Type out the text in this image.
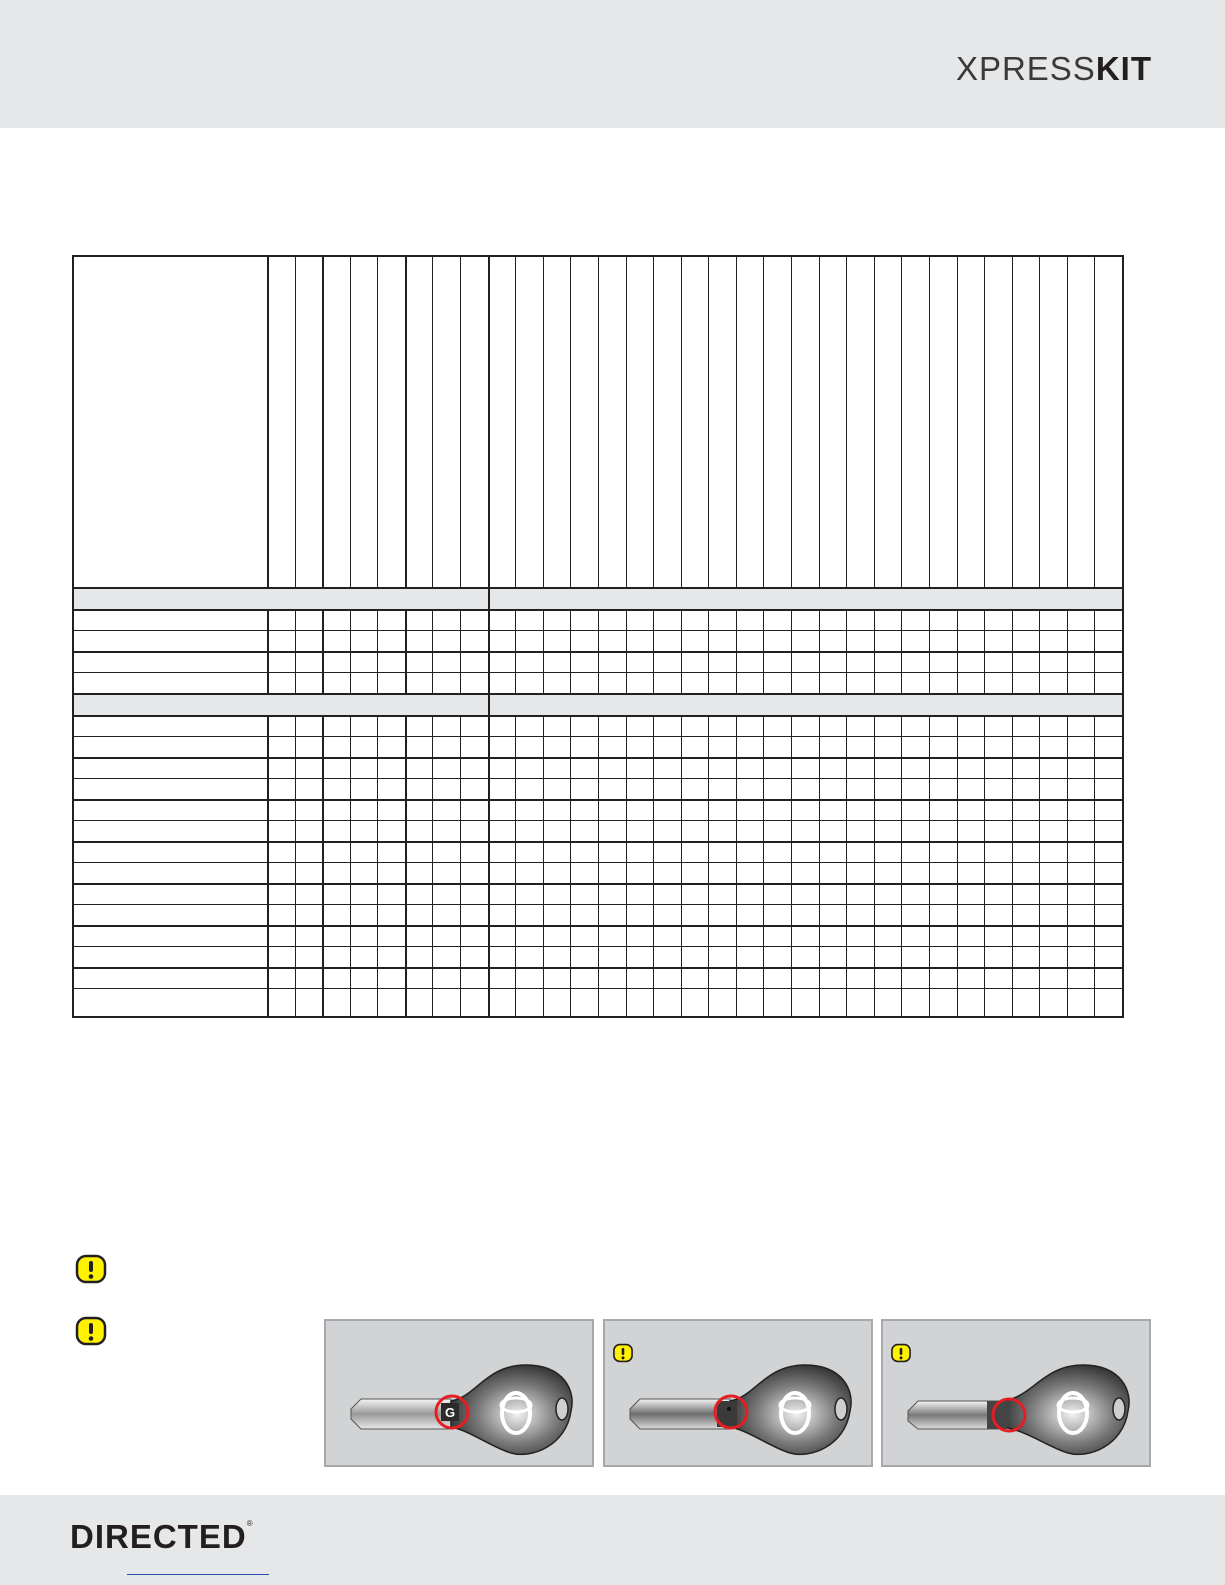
XPRESSKIT
G
DIRECTED®
